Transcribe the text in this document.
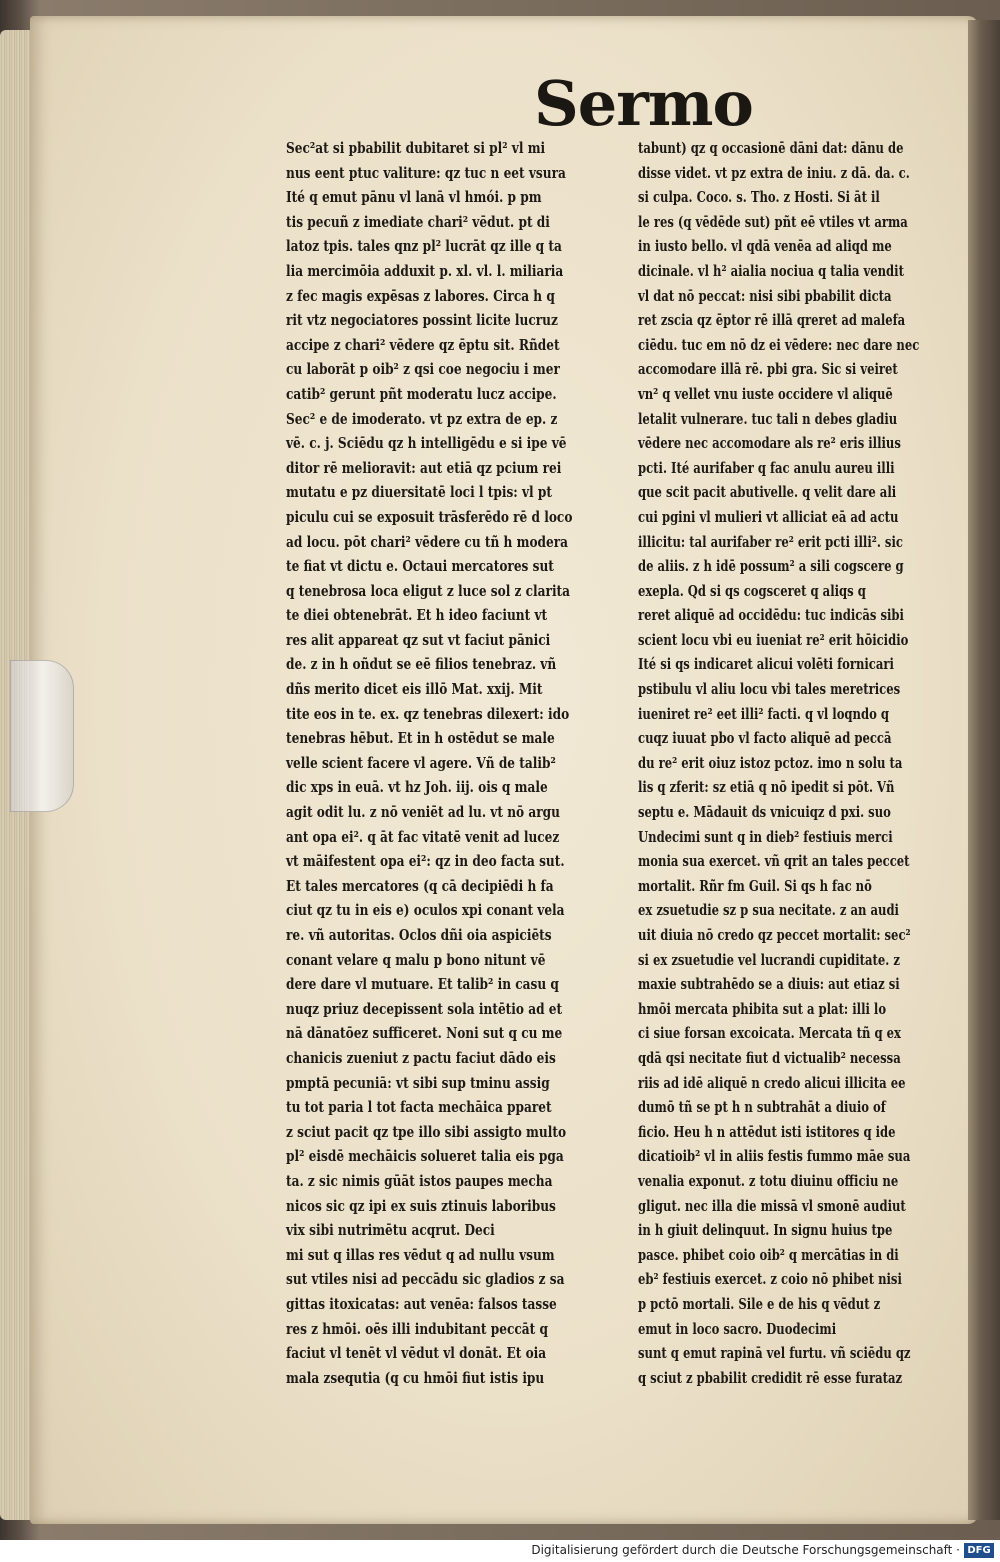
Sermo
Sec²at si pbabilit dubitaret si pl² vl mi
nus eent ptuc valiture: qz tuc n eet vsura
Ité q emut pānu vl lanā vl hmói. p pm
tis pecuñ z imediate chari² vēdut. pt di
latoz tpis. tales qnz pl² lucrāt qz ille q ta
lia mercimōia adduxit p. xl. vl. l. miliaria
z fec magis expēsas z labores. Circa h q
rit vtz negociatores possint licite lucruz
accipe z chari² vēdere qz ēptu sit. Rñdet
cu laborāt p oib² z qsi coe negociu i mer
catib² gerunt pñt moderatu lucz accipe.
Sec² e de imoderato. vt pz extra de ep. z
vē. c. j. Sciēdu qz h intelligēdu e si ipe vē
ditor rē melioravit: aut etiā qz pcium rei
mutatu e pz diuersitatē loci l tpis: vl pt
piculu cui se exposuit trāsferēdo rē d loco
ad locu. pōt chari² vēdere cu tñ h modera
te fiat vt dictu e. Octaui mercatores sut
q tenebrosa loca eligut z luce sol z clarita
te diei obtenebrāt. Et h ideo faciunt vt
res alit appareat qz sut vt faciut pānici
de. z in h oñdut se eē filios tenebraz. vñ
dñs merito dicet eis illō Mat. xxij. Mit
tite eos in te. ex. qz tenebras dilexert: ido
tenebras hēbut. Et in h ostēdut se male
velle scient facere vl agere. Vñ de talib²
dic xps in euā. vt hz Joh. iij. ois q male
agit odit lu. z nō veniēt ad lu. vt nō argu
ant opa ei². q āt fac vitatē venit ad lucez
vt māifestent opa ei²: qz in deo facta sut.
Et tales mercatores (q cā decipiēdi h fa
ciut qz tu in eis e) oculos xpi conant vela
re. vñ autoritas. Oclos dñi oia aspiciēts
conant velare q malu p bono nitunt vē
dere dare vl mutuare. Et talib² in casu q
nuqz priuz decepissent sola intētio ad et
nā dānatōez sufficeret. Noni sut q cu me
chanicis zueniut z pactu faciut dādo eis
pmptā pecuniā: vt sibi sup tminu assig
tu tot paria l tot facta mechāica pparet
z sciut pacit qz tpe illo sibi assigto multo
pl² eisdē mechāicis solueret talia eis pga
ta. z sic nimis gūāt istos paupes mecha
nicos sic qz ipi ex suis ztinuis laboribus
vix sibi nutrimētu acqrut. Deci
mi sut q illas res vēdut q ad nullu vsum
sut vtiles nisi ad peccādu sic gladios z sa
gittas itoxicatas: aut venēa: falsos tasse
res z hmōi. oēs illi indubitant peccāt q
faciut vl tenēt vl vēdut vl donāt. Et oia
mala zsequtia (q cu hmōi fiut istis ipu
tabunt) qz q occasionē dāni dat: dānu de
disse videt. vt pz extra de iniu. z dā. da. c.
si culpa. Coco. s. Tho. z Hosti. Si āt il
le res (q vēdēde sut) pñt eē vtiles vt arma
in iusto bello. vl qdā venēa ad aliqd me
dicinale. vl h² aialia nociua q talia vendit
vl dat nō peccat: nisi sibi pbabilit dicta
ret zscia qz ēptor rē illā qreret ad malefa
ciēdu. tuc em nō dz ei vēdere: nec dare nec
accomodare illā rē. pbi gra. Sic si veiret
vn² q vellet vnu iuste occidere vl aliquē
letalit vulnerare. tuc tali n debes gladiu
vēdere nec accomodare als re² eris illius
pcti. Ité aurifaber q fac anulu aureu illi
que scit pacit abutivelle. q velit dare ali
cui pgini vl mulieri vt alliciat eā ad actu
illicitu: tal aurifaber re² erit pcti illi². sic
de aliis. z h idē possum² a sili cogscere g
exepla. Qd si qs cogsceret q aliqs q
reret aliquē ad occidēdu: tuc indicās sibi
scient locu vbi eu iueniat re² erit hōicidio
Ité si qs indicaret alicui volēti fornicari
pstibulu vl aliu locu vbi tales meretrices
iueniret re² eet illi² facti. q vl loqndo q
cuqz iuuat pbo vl facto aliquē ad peccā
du re² erit oiuz istoz pctoz. imo n solu ta
lis q zferit: sz etiā q nō ipedit si pōt. Vñ
septu e. Mādauit ds vnicuiqz d pxi. suo
Undecimi sunt q in dieb² festiuis merci
monia sua exercet. vñ qrit an tales peccet
mortalit. Rñr fm Guil. Si qs h fac nō
ex zsuetudie sz p sua necitate. z an audi
uit diuia nō credo qz peccet mortalit: sec²
si ex zsuetudie vel lucrandi cupiditate. z
maxie subtrahēdo se a diuis: aut etiaz si
hmōi mercata phibita sut a plat: illi lo
ci siue forsan excoicata. Mercata tñ q ex
qdā qsi necitate fiut d victualib² necessa
riis ad idē aliquē n credo alicui illicita ee
dumō tñ se pt h n subtrahāt a diuio of
ficio. Heu h n attēdut isti istitores q ide
dicatioib² vl in aliis festis fummo māe sua
venalia exponut. z totu diuinu officiu ne
gligut. nec illa die missā vl smonē audiut
in h giuit delinquut. In signu huius tpe
pasce. phibet coio oib² q mercātias in di
eb² festiuis exercet. z coio nō phibet nisi
p pctō mortali. Sile e de his q vēdut z
emut in loco sacro. Duodecimi
sunt q emut rapinā vel furtu. vñ sciēdu qz
q sciut z pbabilit credidit rē esse furataz
Digitalisierung gefördert durch die Deutsche Forschungsgemeinschaft · DFG
